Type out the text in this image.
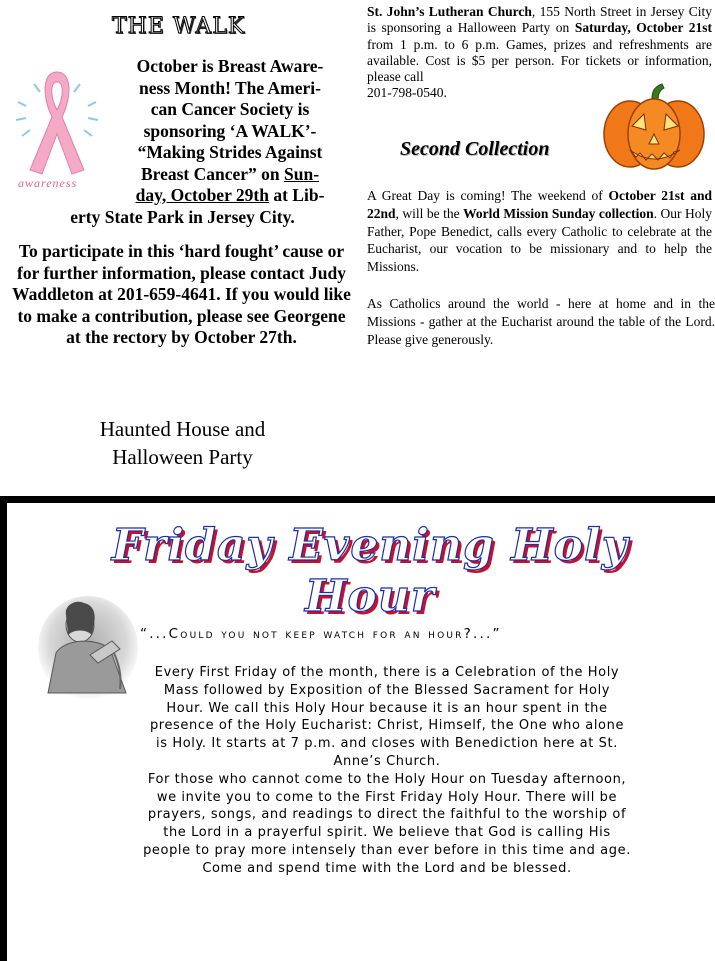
THE WALK
awareness
October is Breast Aware-
ness Month! The Ameri-
can Cancer Society is
sponsoring ‘A WALK’-
“Making Strides Against
Breast Cancer” on Sun-
day, October 29th at Lib-
erty State Park in Jersey City.
To participate in this ‘hard fought’ cause or for further information, please contact Judy Waddleton at 201-659-4641. If you would like to make a contribution, please see Georgene at the rectory by October 27th.
Haunted House and
Halloween Party
St. John’s Lutheran Church, 155 North Street in Jersey City is sponsoring a Halloween Party on Saturday, October 21st from 1 p.m. to 6 p.m. Games, prizes and refreshments are available. Cost is $5 per person. For tickets or information, please call
201-798-0540.
Second Collection
A Great Day is coming! The weekend of October 21st and 22nd, will be the World Mission Sunday collection. Our Holy Father, Pope Benedict, calls every Catholic to celebrate at the Eucharist, our vocation to be missionary and to help the Missions.
As Catholics around the world - here at home and in the Missions - gather at the Eucharist around the table of the Lord. Please give generously.
Friday Evening Holy Hour
“...Could you not keep watch for an hour?...”
Every First Friday of the month, there is a Celebration of the Holy
Mass followed by Exposition of the Blessed Sacrament for Holy
Hour. We call this Holy Hour because it is an hour spent in the
presence of the Holy Eucharist: Christ, Himself, the One who alone
is Holy. It starts at 7 p.m. and closes with Benediction here at St.
Anne’s Church.
For those who cannot come to the Holy Hour on Tuesday afternoon,
we invite you to come to the First Friday Holy Hour. There will be
prayers, songs, and readings to direct the faithful to the worship of
the Lord in a prayerful spirit. We believe that God is calling His
people to pray more intensely than ever before in this time and age.
Come and spend time with the Lord and be blessed.
